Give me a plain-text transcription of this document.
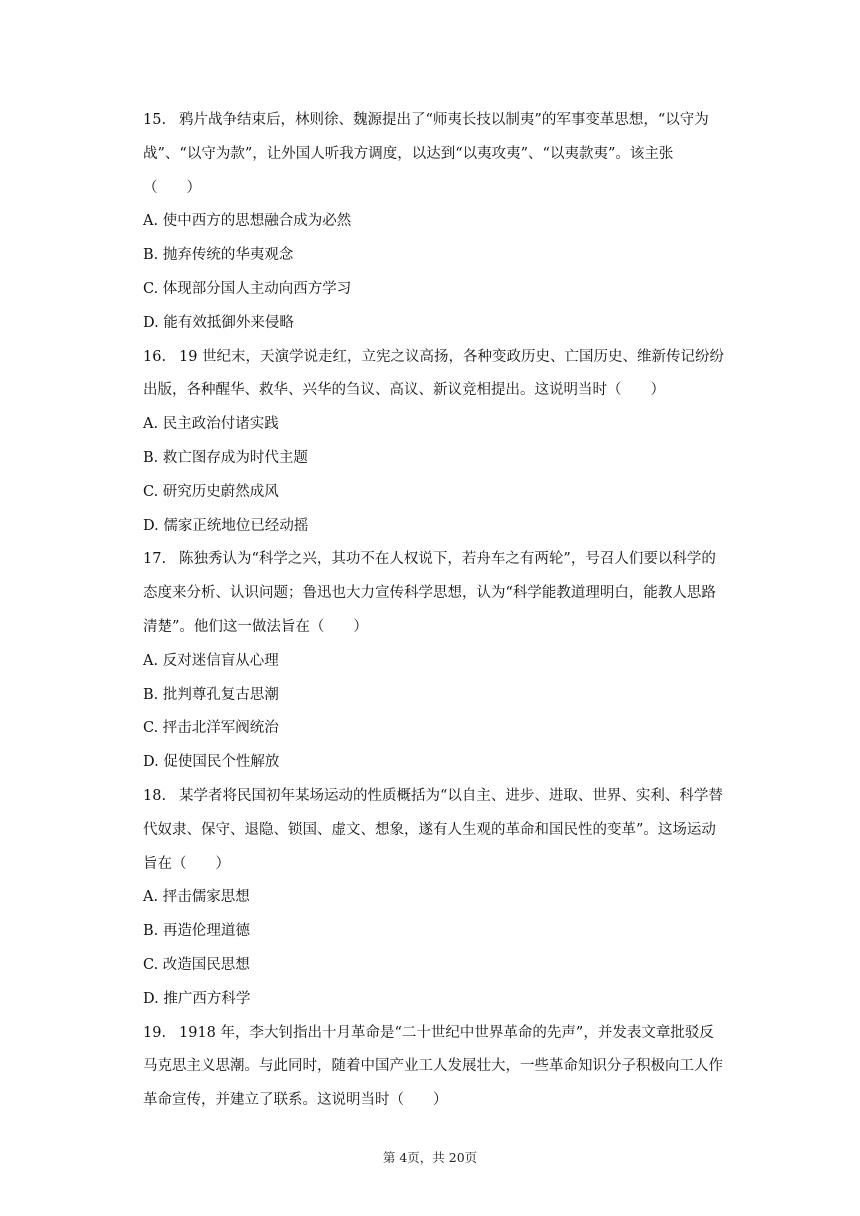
15. 鸦片战争结束后，林则徐、魏源提出了“师夷长技以制夷”的军事变革思想，“以守为
战”、“以守为款”，让外国人听我方调度，以达到“以夷攻夷”、“以夷款夷”。该主张
（　　）
A. 使中西方的思想融合成为必然
B. 抛弃传统的华夷观念
C. 体现部分国人主动向西方学习
D. 能有效抵御外来侵略
16. 19 世纪末，天演学说走红，立宪之议高扬，各种变政历史、亡国历史、维新传记纷纷
出版，各种醒华、救华、兴华的刍议、高议、新议竞相提出。这说明当时（　　）
A. 民主政治付诸实践
B. 救亡图存成为时代主题
C. 研究历史蔚然成风
D. 儒家正统地位已经动摇
17. 陈独秀认为“科学之兴，其功不在人权说下，若舟车之有两轮”，号召人们要以科学的
态度来分析、认识问题；鲁迅也大力宣传科学思想，认为“科学能教道理明白，能教人思路
清楚”。他们这一做法旨在（　　）
A. 反对迷信盲从心理
B. 批判尊孔复古思潮
C. 抨击北洋军阀统治
D. 促使国民个性解放
18. 某学者将民国初年某场运动的性质概括为“以自主、进步、进取、世界、实利、科学替
代奴隶、保守、退隐、锁国、虚文、想象，遂有人生观的革命和国民性的变革”。这场运动
旨在（　　）
A. 抨击儒家思想
B. 再造伦理道德
C. 改造国民思想
D. 推广西方科学
19. 1918 年，李大钊指出十月革命是“二十世纪中世界革命的先声”，并发表文章批驳反
马克思主义思潮。与此同时，随着中国产业工人发展壮大，一些革命知识分子积极向工人作
革命宣传，并建立了联系。这说明当时（　　）
第 4页，共 20页
